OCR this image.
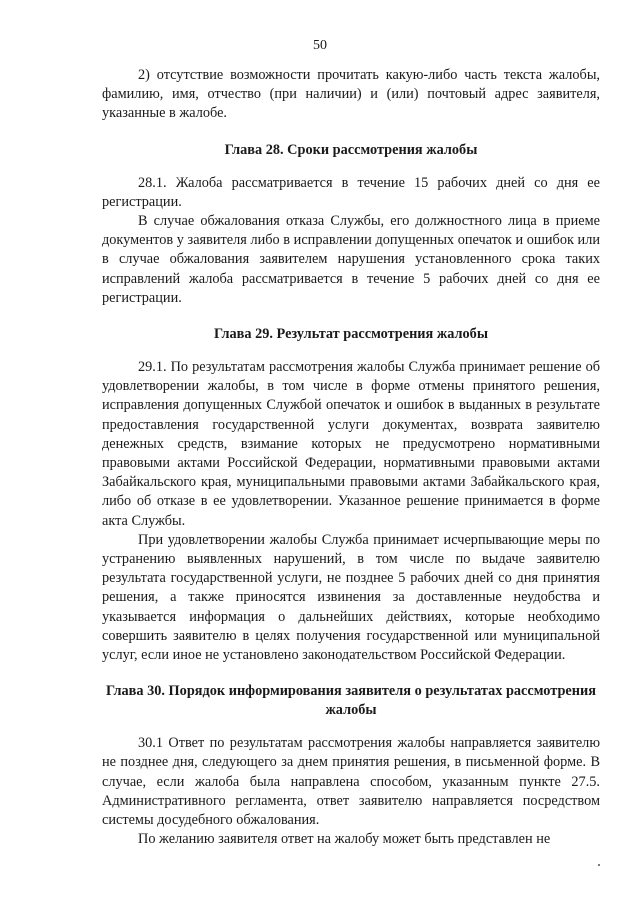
50

2) отсутствие возможности прочитать какую-либо часть текста жалобы, фамилию, имя, отчество (при наличии) и (или) почтовый адрес заявителя, указанные в жалобе.

Глава 28. Сроки рассмотрения жалобы

28.1. Жалоба рассматривается в течение 15 рабочих дней со дня ее регистрации.

В случае обжалования отказа Службы, его должностного лица в приеме документов у заявителя либо в исправлении допущенных опечаток и ошибок или в случае обжалования заявителем нарушения установленного срока таких исправлений жалоба рассматривается в течение 5 рабочих дней со дня ее регистрации.

Глава 29. Результат рассмотрения жалобы

29.1. По результатам рассмотрения жалобы Служба принимает решение об удовлетворении жалобы, в том числе в форме отмены принятого решения, исправления допущенных Службой опечаток и ошибок в выданных в результате предоставления государственной услуги документах, возврата заявителю денежных средств, взимание которых не предусмотрено нормативными правовыми актами Российской Федерации, нормативными правовыми актами Забайкальского края, муниципальными правовыми актами Забайкальского края, либо об отказе в ее удовлетворении. Указанное решение принимается в форме акта Службы.

При удовлетворении жалобы Служба принимает исчерпывающие меры по устранению выявленных нарушений, в том числе по выдаче заявителю результата государственной услуги, не позднее 5 рабочих дней со дня принятия решения, а также приносятся извинения за доставленные неудобства и указывается информация о дальнейших действиях, которые необходимо совершить заявителю в целях получения государственной или муниципальной услуг, если иное не установлено законодательством Российской Федерации.

Глава 30. Порядок информирования заявителя о результатах рассмотрения жалобы

30.1 Ответ по результатам рассмотрения жалобы направляется заявителю не позднее дня, следующего за днем принятия решения, в письменной форме. В случае, если жалоба была направлена способом, указанным пункте 27.5. Административного регламента, ответ заявителю направляется посредством системы досудебного обжалования.

По желанию заявителя ответ на жалобу может быть представлен не
